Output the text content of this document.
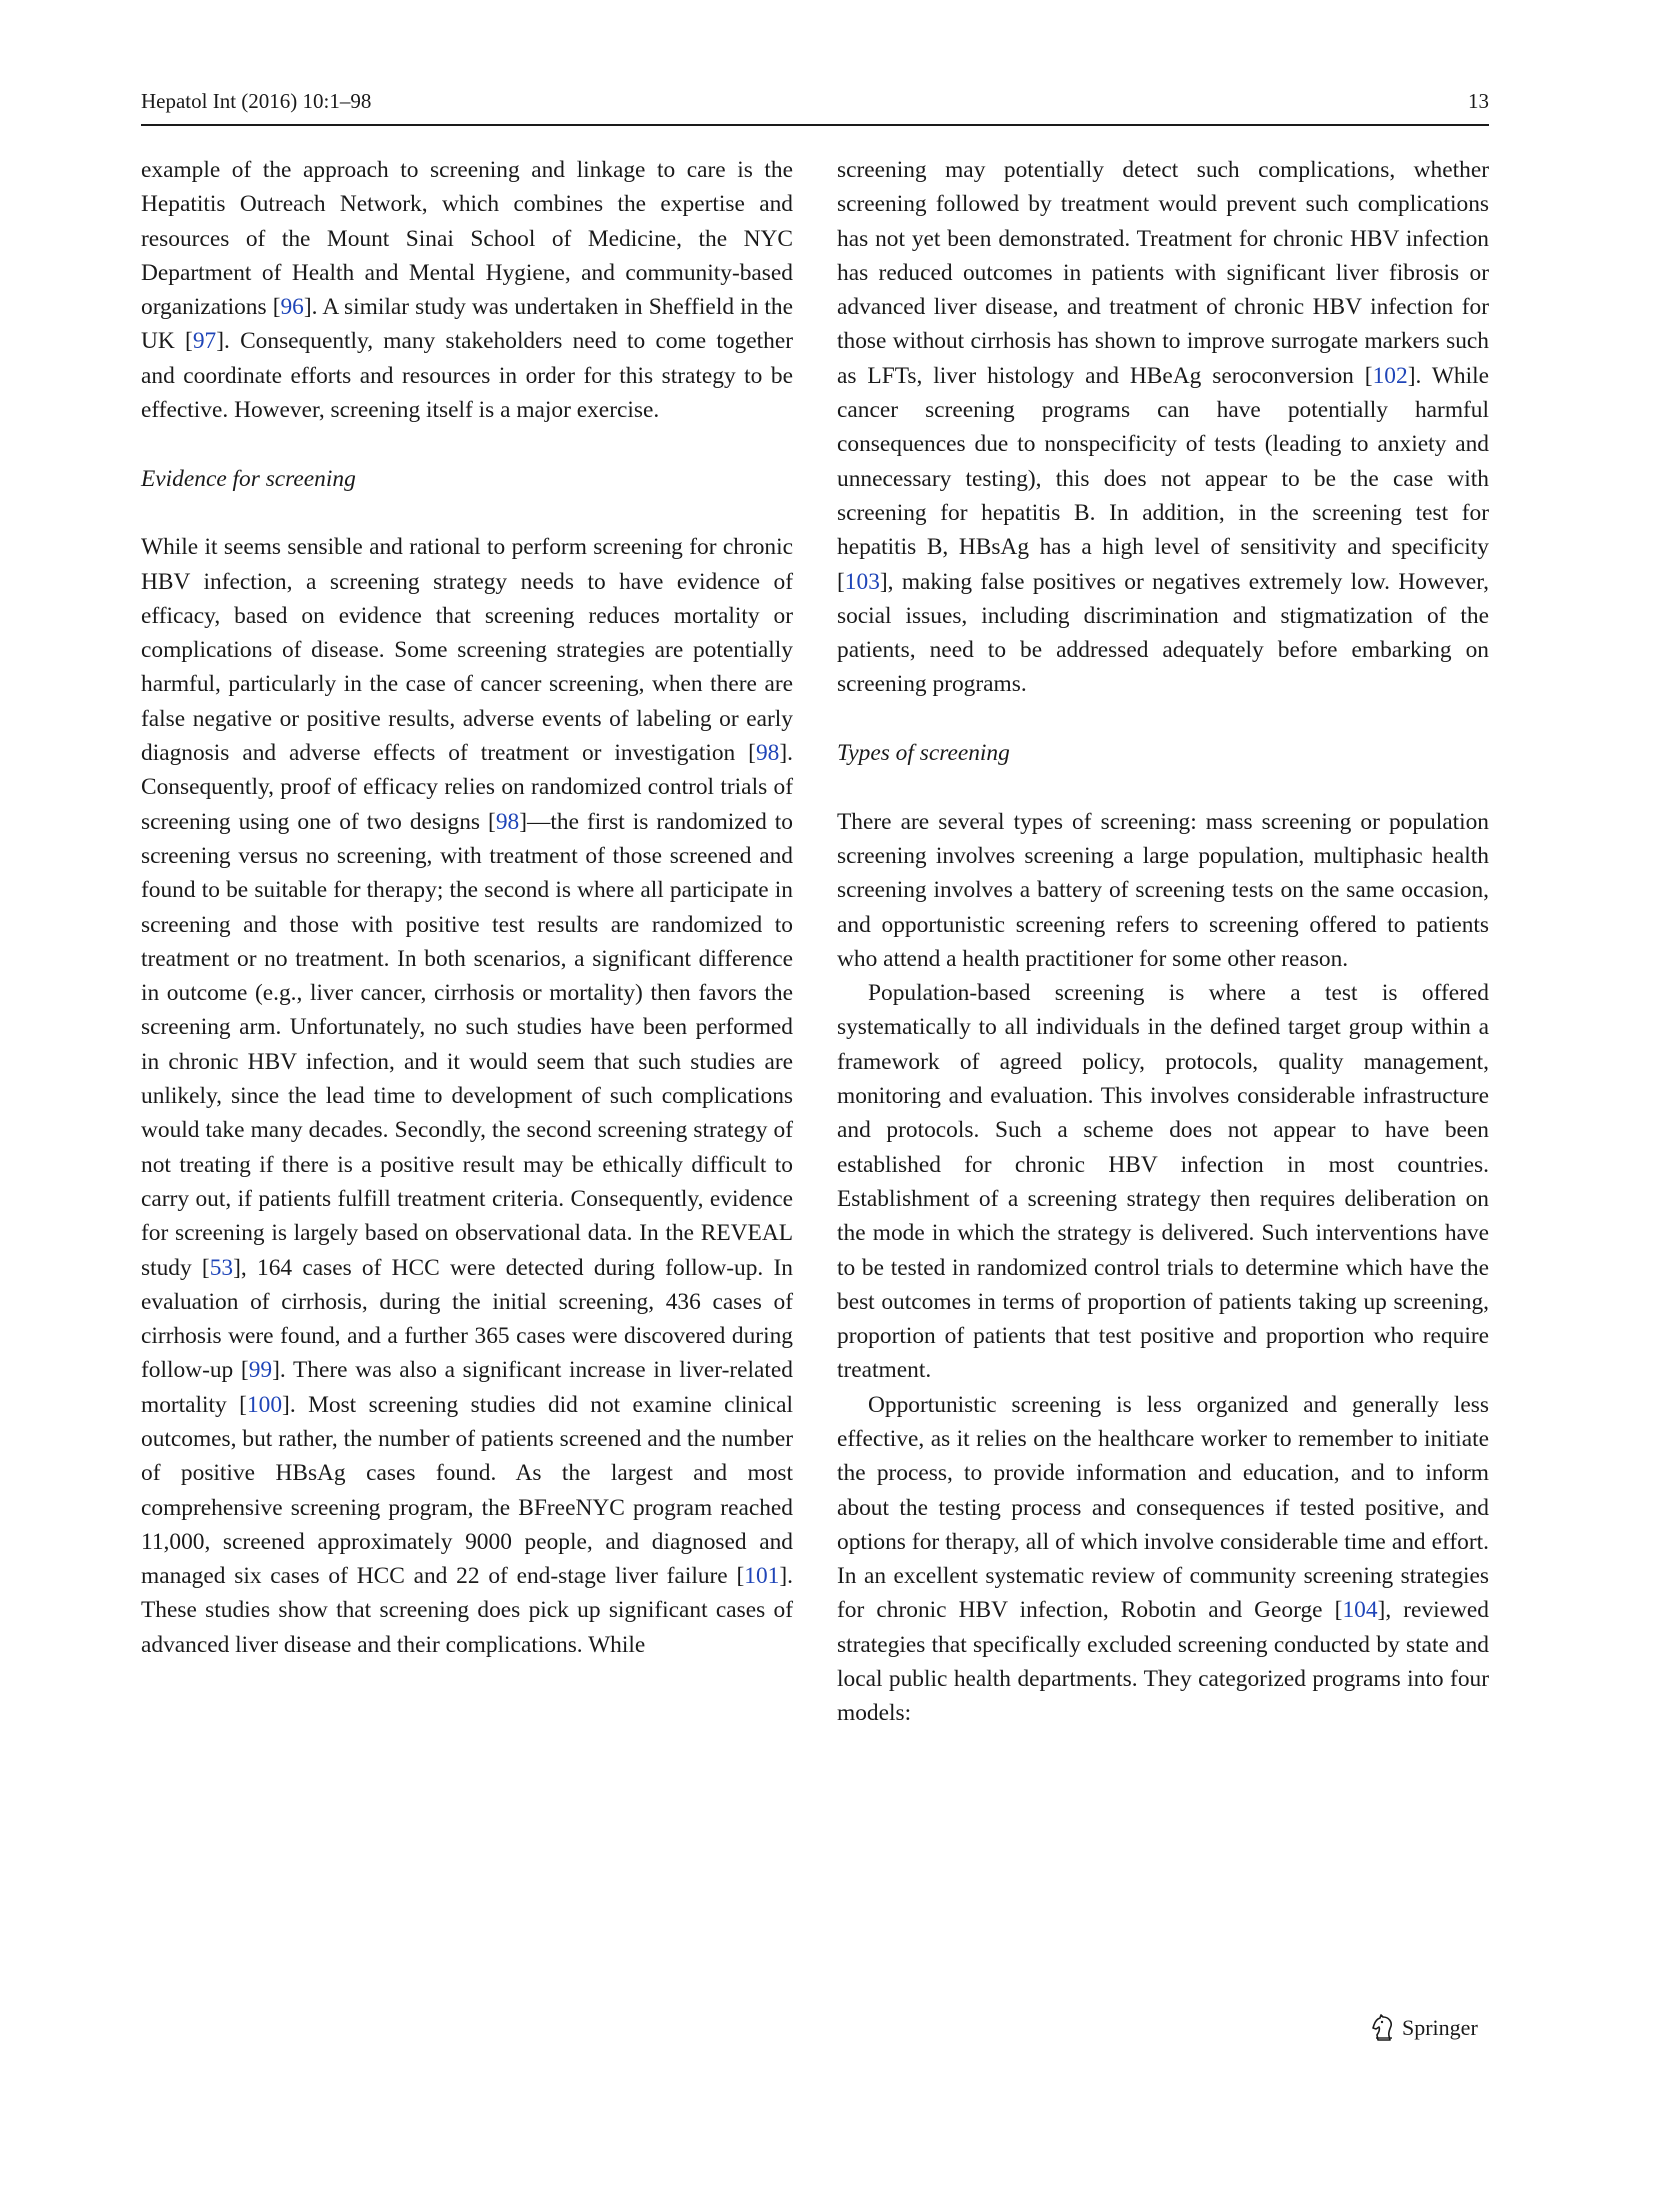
Hepatol Int (2016) 10:1–98	13

example of the approach to screening and linkage to care is the Hepatitis Outreach Network, which combines the expertise and resources of the Mount Sinai School of Medicine, the NYC Department of Health and Mental Hygiene, and community-based organizations [96]. A similar study was undertaken in Sheffield in the UK [97]. Consequently, many stakeholders need to come together and coordinate efforts and resources in order for this strategy to be effective. However, screening itself is a major exercise.

Evidence for screening

While it seems sensible and rational to perform screening for chronic HBV infection, a screening strategy needs to have evidence of efficacy, based on evidence that screening reduces mortality or complications of disease. Some screening strategies are potentially harmful, particularly in the case of cancer screening, when there are false negative or positive results, adverse events of labeling or early diagnosis and adverse effects of treatment or investigation [98]. Consequently, proof of efficacy relies on randomized control trials of screening using one of two designs [98]—the first is randomized to screening versus no screening, with treatment of those screened and found to be suitable for therapy; the second is where all participate in screening and those with positive test results are randomized to treatment or no treatment. In both scenarios, a significant difference in outcome (e.g., liver cancer, cirrhosis or mortality) then favors the screening arm. Unfortunately, no such studies have been performed in chronic HBV infection, and it would seem that such studies are unlikely, since the lead time to development of such complications would take many decades. Secondly, the second screening strategy of not treating if there is a positive result may be ethically difficult to carry out, if patients fulfill treatment criteria. Consequently, evidence for screening is largely based on observational data. In the REVEAL study [53], 164 cases of HCC were detected during follow-up. In evaluation of cirrhosis, during the initial screening, 436 cases of cirrhosis were found, and a further 365 cases were discovered during follow-up [99]. There was also a significant increase in liver-related mortality [100]. Most screening studies did not examine clinical outcomes, but rather, the number of patients screened and the number of positive HBsAg cases found. As the largest and most comprehensive screening program, the BFreeNYC program reached 11,000, screened approximately 9000 people, and diagnosed and managed six cases of HCC and 22 of end-stage liver failure [101]. These studies show that screening does pick up significant cases of advanced liver disease and their complications. While

screening may potentially detect such complications, whether screening followed by treatment would prevent such complications has not yet been demonstrated. Treatment for chronic HBV infection has reduced outcomes in patients with significant liver fibrosis or advanced liver disease, and treatment of chronic HBV infection for those without cirrhosis has shown to improve surrogate markers such as LFTs, liver histology and HBeAg seroconversion [102]. While cancer screening programs can have potentially harmful consequences due to nonspecificity of tests (leading to anxiety and unnecessary testing), this does not appear to be the case with screening for hepatitis B. In addition, in the screening test for hepatitis B, HBsAg has a high level of sensitivity and specificity [103], making false positives or negatives extremely low. However, social issues, including discrimination and stigmatization of the patients, need to be addressed adequately before embarking on screening programs.

Types of screening

There are several types of screening: mass screening or population screening involves screening a large population, multiphasic health screening involves a battery of screening tests on the same occasion, and opportunistic screening refers to screening offered to patients who attend a health practitioner for some other reason.

Population-based screening is where a test is offered systematically to all individuals in the defined target group within a framework of agreed policy, protocols, quality management, monitoring and evaluation. This involves considerable infrastructure and protocols. Such a scheme does not appear to have been established for chronic HBV infection in most countries. Establishment of a screening strategy then requires deliberation on the mode in which the strategy is delivered. Such interventions have to be tested in randomized control trials to determine which have the best outcomes in terms of proportion of patients taking up screening, proportion of patients that test positive and proportion who require treatment.

Opportunistic screening is less organized and generally less effective, as it relies on the healthcare worker to remember to initiate the process, to provide information and education, and to inform about the testing process and consequences if tested positive, and options for therapy, all of which involve considerable time and effort. In an excellent systematic review of community screening strategies for chronic HBV infection, Robotin and George [104], reviewed strategies that specifically excluded screening conducted by state and local public health departments. They categorized programs into four models:

Springer
